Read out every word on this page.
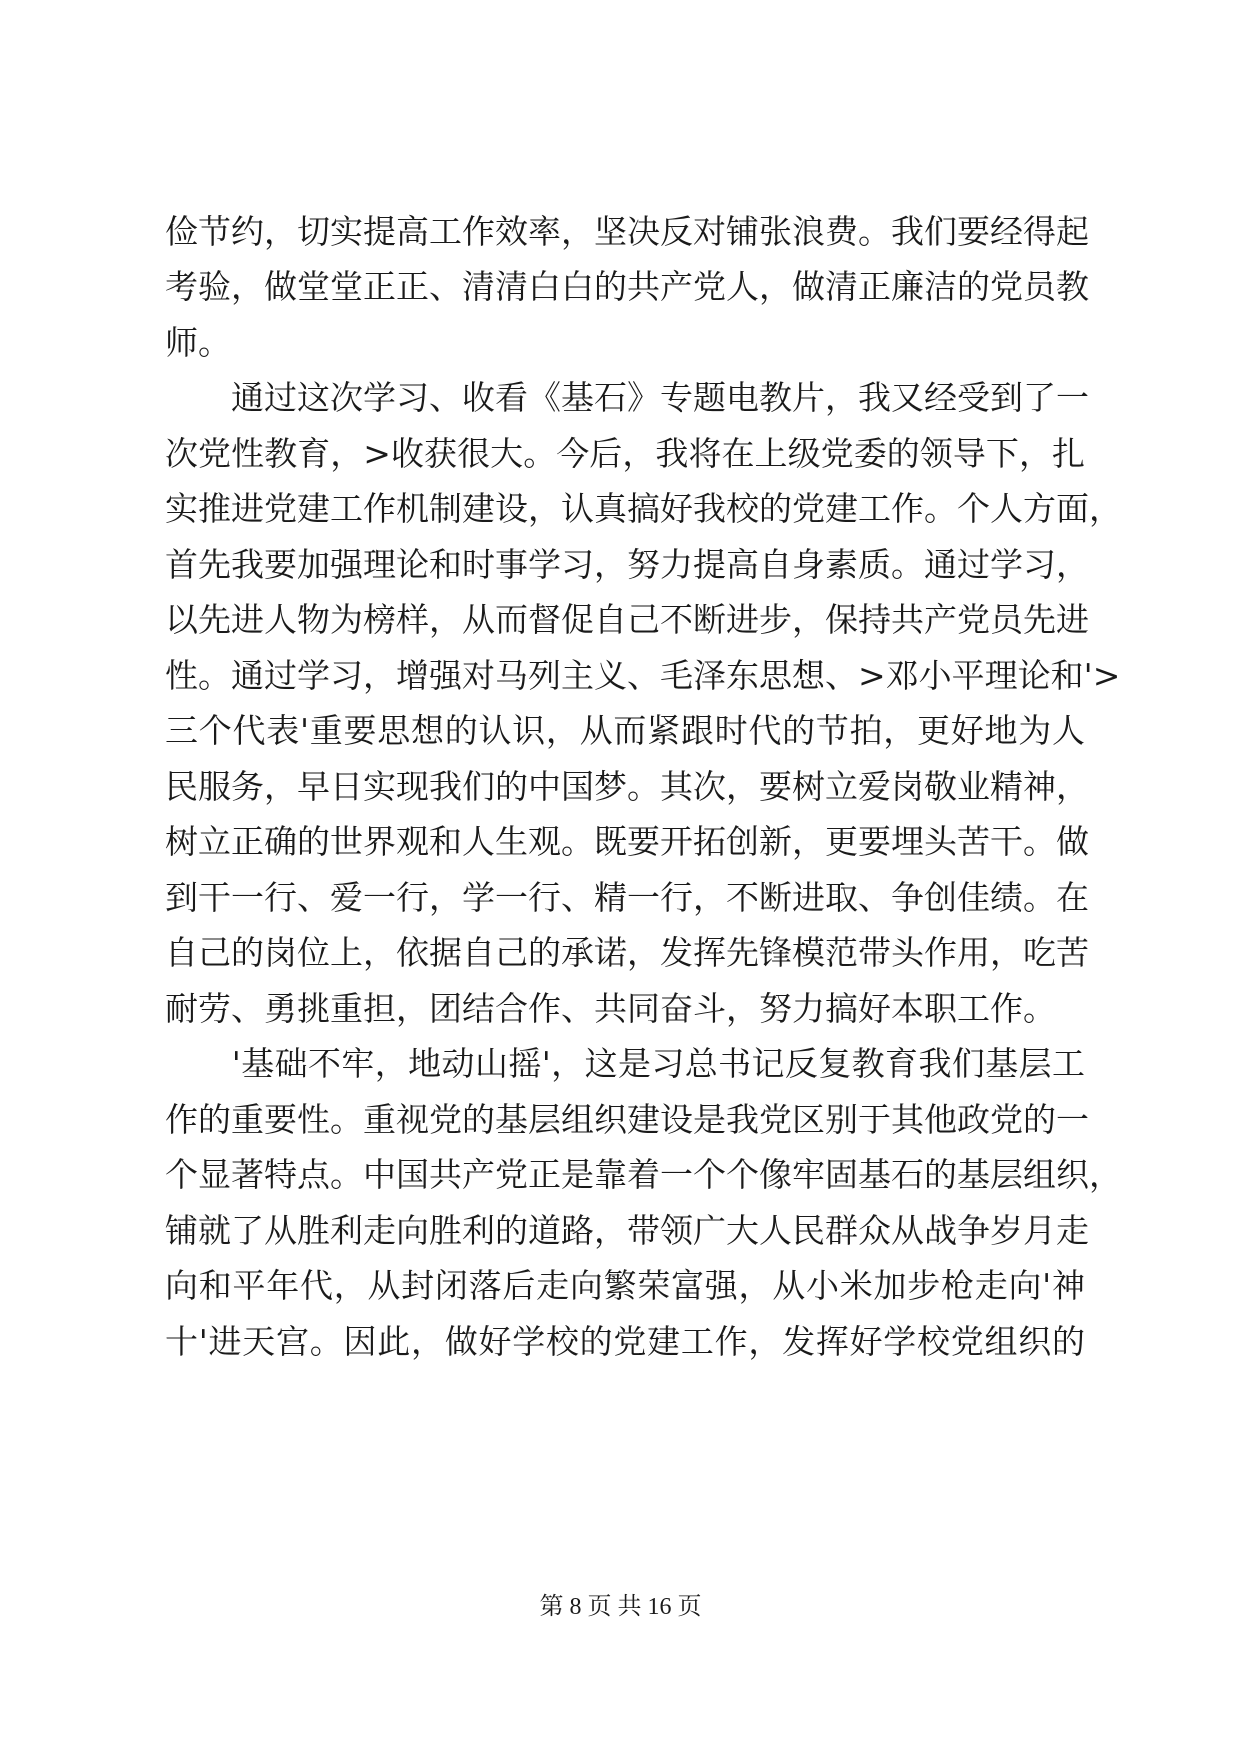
俭节约，切实提高工作效率，坚决反对铺张浪费。我们要经得起
考验，做堂堂正正、清清白白的共产党人，做清正廉洁的党员教
师。
　　通过这次学习、收看《基石》专题电教片，我又经受到了一
次党性教育，>收获很大。今后，我将在上级党委的领导下，扎
实推进党建工作机制建设，认真搞好我校的党建工作。个人方面，
首先我要加强理论和时事学习，努力提高自身素质。通过学习，
以先进人物为榜样，从而督促自己不断进步，保持共产党员先进
性。通过学习，增强对马列主义、毛泽东思想、>邓小平理论和'>
三个代表'重要思想的认识，从而紧跟时代的节拍，更好地为人
民服务，早日实现我们的中国梦。其次，要树立爱岗敬业精神，
树立正确的世界观和人生观。既要开拓创新，更要埋头苦干。做
到干一行、爱一行，学一行、精一行，不断进取、争创佳绩。在
自己的岗位上，依据自己的承诺，发挥先锋模范带头作用，吃苦
耐劳、勇挑重担，团结合作、共同奋斗，努力搞好本职工作。
　　'基础不牢，地动山摇'，这是习总书记反复教育我们基层工
作的重要性。重视党的基层组织建设是我党区别于其他政党的一
个显著特点。中国共产党正是靠着一个个像牢固基石的基层组织，
铺就了从胜利走向胜利的道路，带领广大人民群众从战争岁月走
向和平年代，从封闭落后走向繁荣富强，从小米加步枪走向'神
十'进天宫。因此，做好学校的党建工作，发挥好学校党组织的
第 8 页 共 16 页
